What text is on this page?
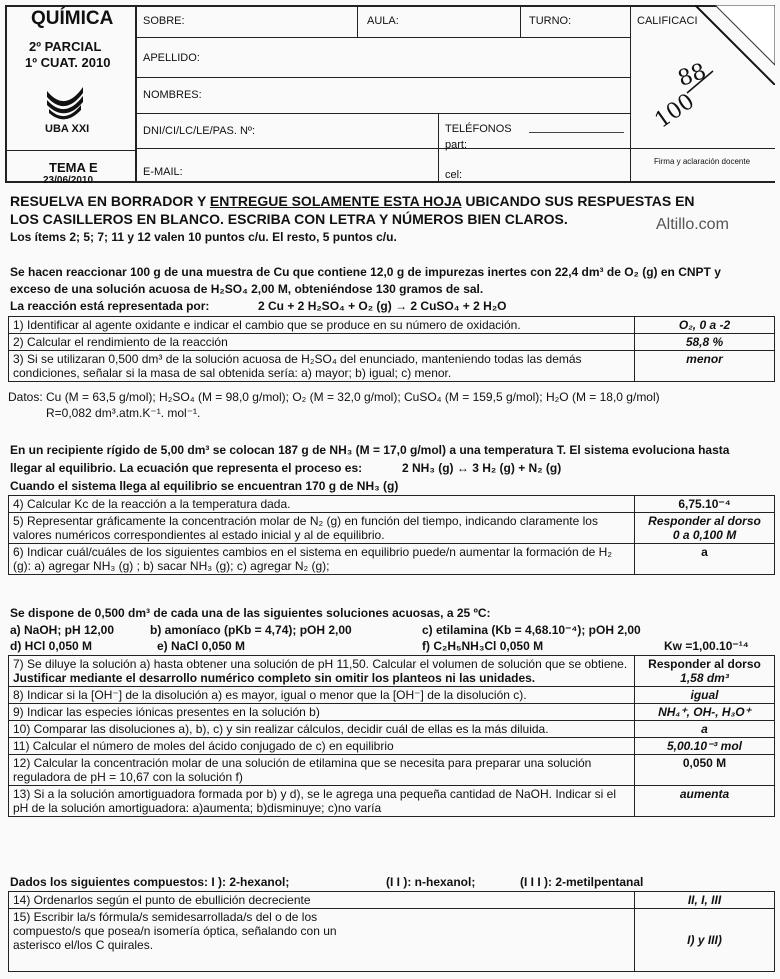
QUÍMICA
2º PARCIAL
1º CUAT. 2010
UBA XXI
TEMA E
23/06/2010
SOBRE:	AULA:	TURNO:	CALIFICACI
APELLIDO:
NOMBRES:
DNI/CI/LC/LE/PAS. Nº:	TELÉFONOS
part:
E-MAIL:	cel:
Firma y aclaración docente
88
100
RESUELVA EN BORRADOR Y ENTREGUE SOLAMENTE ESTA HOJA UBICANDO SUS RESPUESTAS EN
LOS CASILLEROS EN BLANCO. ESCRIBA CON LETRA Y NÚMEROS BIEN CLAROS.
Los ítems 2; 5; 7; 11 y 12 valen 10 puntos c/u. El resto, 5 puntos c/u.
Altillo.com
Se hacen reaccionar 100 g de una muestra de Cu que contiene 12,0 g de impurezas inertes con 22,4 dm³ de O₂ (g) en CNPT y
exceso de una solución acuosa de H₂SO₄ 2,00 M, obteniéndose 130 gramos de sal.
La reacción está representada por:	2 Cu + 2 H₂SO₄ + O₂ (g) → 2 CuSO₄ + 2 H₂O
1) Identificar al agente oxidante e indicar el cambio que se produce en su número de oxidación.	O₂, 0 a -2
2) Calcular el rendimiento de la reacción	58,8 %
3) Si se utilizaran 0,500 dm³ de la solución acuosa de H₂SO₄ del enunciado, manteniendo todas las demás condiciones, señalar si la masa de sal obtenida sería: a) mayor; b) igual; c) menor.	menor
Datos: Cu (M = 63,5 g/mol); H₂SO₄ (M = 98,0 g/mol); O₂ (M = 32,0 g/mol); CuSO₄ (M = 159,5 g/mol); H₂O (M = 18,0 g/mol)
R=0,082 dm³.atm.K⁻¹. mol⁻¹.
En un recipiente rígido de 5,00 dm³ se colocan 187 g de NH₃ (M = 17,0 g/mol) a una temperatura T. El sistema evoluciona hasta
llegar al equilibrio. La ecuación que representa el proceso es:	2 NH₃ (g) ↔ 3 H₂ (g) + N₂ (g)
Cuando el sistema llega al equilibrio se encuentran 170 g de NH₃ (g)
4) Calcular Kc de la reacción a la temperatura dada.	6,75.10⁻⁴
5) Representar gráficamente la concentración molar de N₂ (g) en función del tiempo, indicando claramente los valores numéricos correspondientes al estado inicial y al de equilibrio.	Responder al dorso
0 a 0,100 M

6) Indicar cuál/cuáles de los siguientes cambios en el sistema en equilibrio puede/n aumentar la formación de H₂ (g): a) agregar NH₃ (g) ; b) sacar NH₃ (g); c) agregar N₂ (g);	a
Se dispone de 0,500 dm³ de cada una de las siguientes soluciones acuosas, a 25 ºC:
a) NaOH; pH 12,00	b) amoníaco (pKb = 4,74); pOH 2,00	c) etilamina (Kb = 4,68.10⁻⁴); pOH 2,00
d) HCl 0,050 M	e) NaCl 0,050 M	f) C₂H₅NH₃Cl 0,050 M	Kw =1,00.10⁻¹⁴
7) Se diluye la solución a) hasta obtener una solución de pH 11,50. Calcular el volumen de solución que se obtiene. Justificar mediante el desarrollo numérico completo sin omitir los planteos ni las unidades.	Responder al dorso
1,58 dm³

8) Indicar si la [OH⁻] de la disolución a) es mayor, igual o menor que la [OH⁻] de la disolución c).	igual
9) Indicar las especies iónicas presentes en la solución b)	NH₄⁺, OH-, H₃O⁺
10) Comparar las disoluciones a), b), c) y sin realizar cálculos, decidir cuál de ellas es la más diluida.	a
11) Calcular el número de moles del ácido conjugado de c) en equilibrio	5,00.10⁻³ mol
12) Calcular la concentración molar de una solución de etilamina que se necesita para preparar una solución reguladora de pH = 10,67 con la solución f)	0,050 M
13) Si a la solución amortiguadora formada por b) y d), se le agrega una pequeña cantidad de NaOH. Indicar si el pH de la solución amortiguadora: a)aumenta; b)disminuye; c)no varía	aumenta
Dados los siguientes compuestos: I ): 2-hexanol;	(I I ): n-hexanol;	(I I I ): 2-metilpentanal
14) Ordenarlos según el punto de ebullición decreciente	II, I, III

15) Escribir la/s fórmula/s semidesarrollada/s del o de los compuesto/s que posea/n isomería óptica, señalando con un asterisco el/los C quirales.	I) y III)
